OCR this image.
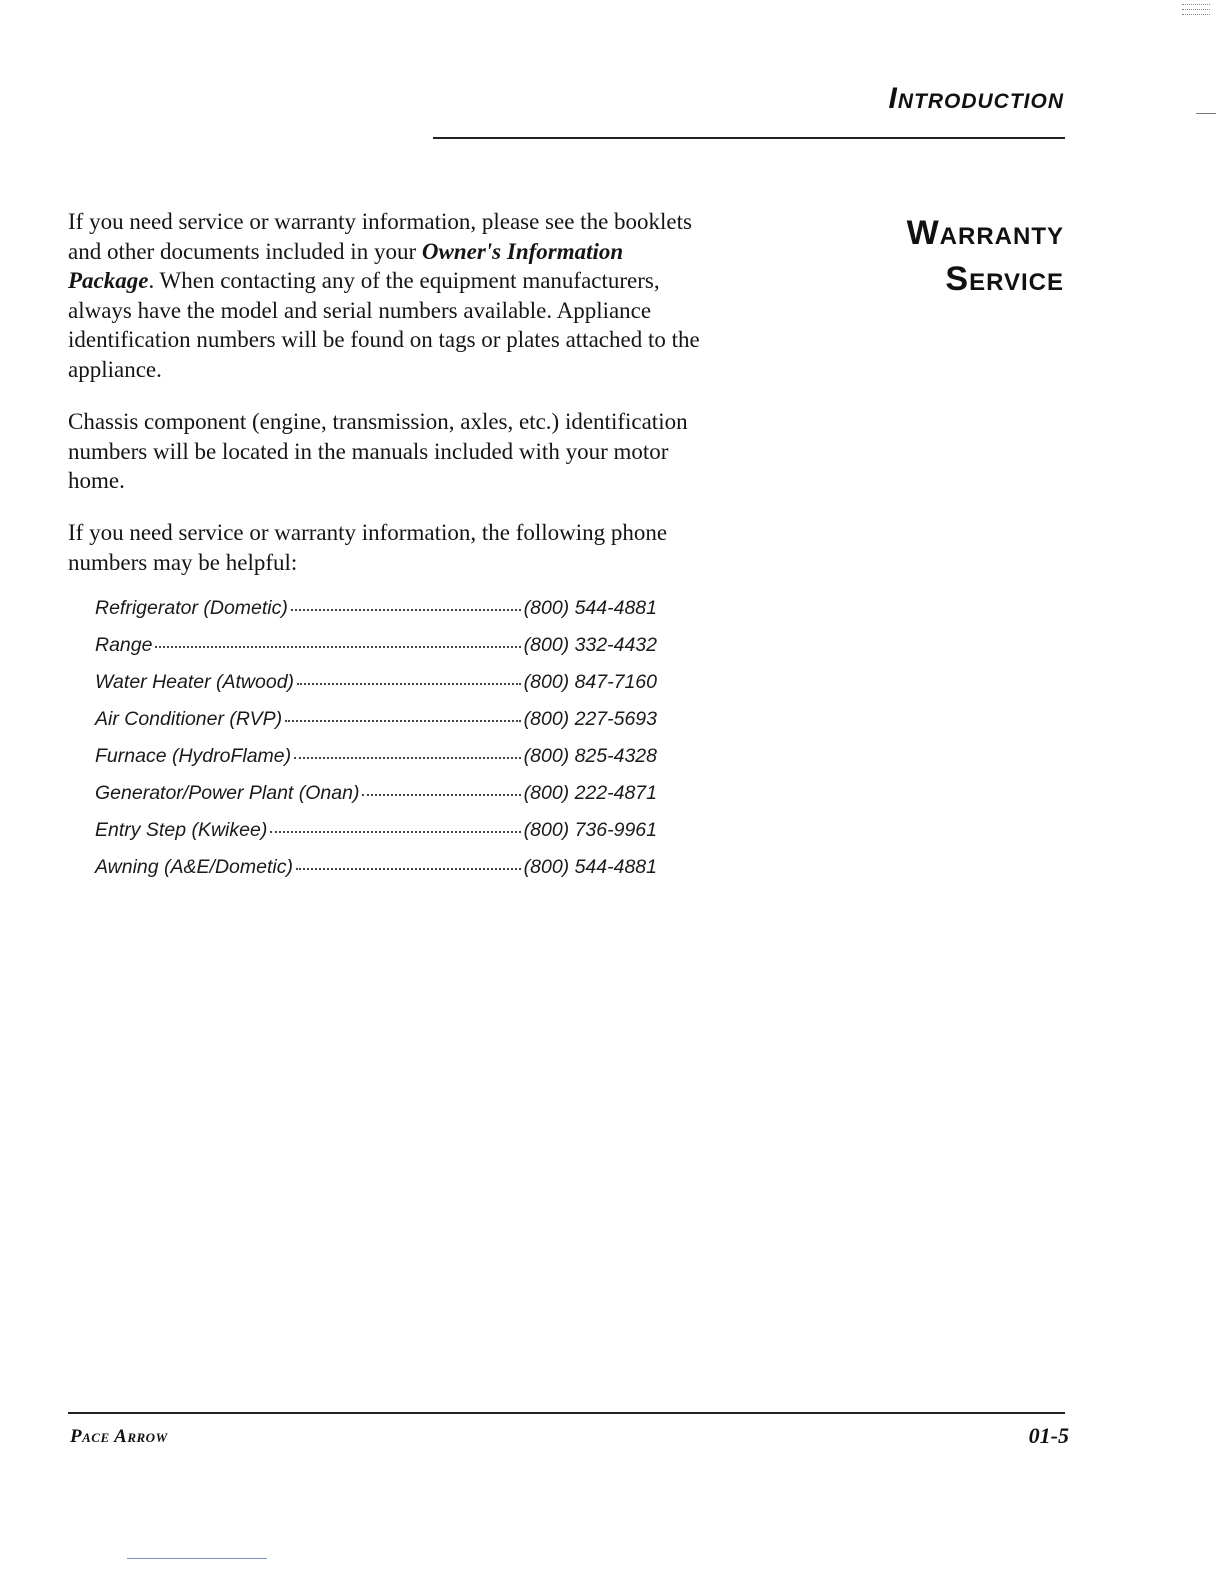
Introduction
Warranty
Service

If you need service or warranty information, please see the booklets and other documents included in your Owner's Information Package. When contacting any of the equipment manufacturers, always have the model and serial numbers available. Appliance identification numbers will be found on tags or plates attached to the appliance.

Chassis component (engine, transmission, axles, etc.) identification numbers will be located in the manuals included with your motor home.

If you need service or warranty information, the following phone numbers may be helpful:

Refrigerator (Dometic)	(800) 544-4881
Range	(800) 332-4432
Water Heater (Atwood)	(800) 847-7160
Air Conditioner (RVP)	(800) 227-5693
Furnace (HydroFlame)	(800) 825-4328
Generator/Power Plant (Onan)	(800) 222-4871
Entry Step (Kwikee)	(800) 736-9961
Awning (A&E/Dometic)	(800) 544-4881
Pace Arrow	01-5
